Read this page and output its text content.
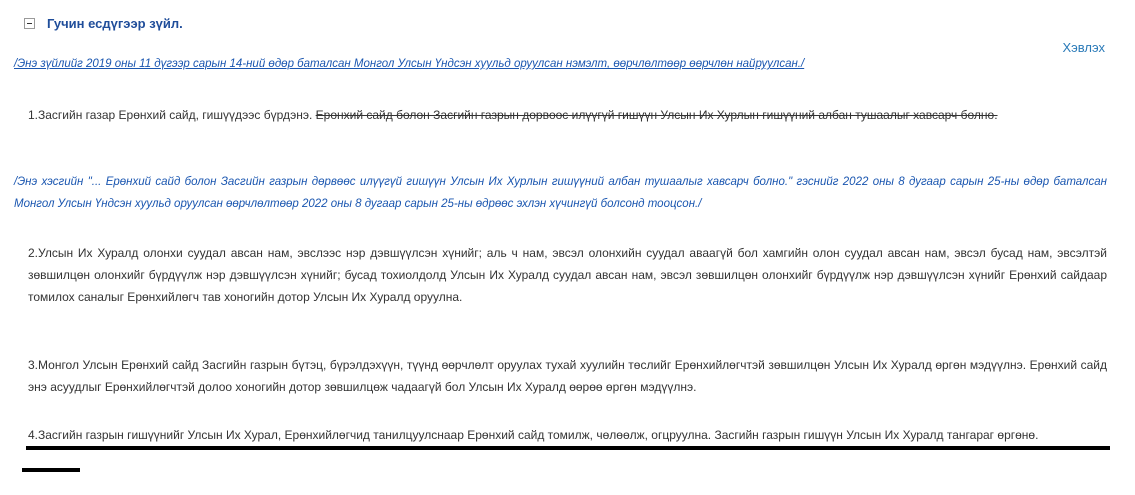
Гучин есдүгээр зүйл.
Хэвлэх
/Энэ зүйлийг 2019 оны 11 дүгээр сарын 14-ний өдөр баталсан Монгол Улсын Үндсэн хуульд оруулсан нэмэлт, өөрчлөлтөөр өөрчлөн найруулсан./
1.Засгийн газар Ерөнхий сайд, гишүүдээс бүрдэнэ. Ерөнхий сайд болон Засгийн газрын дөрвөөс илүүгүй гишүүн Улсын Их Хурлын гишүүний албан тушаалыг хавсарч болно.
/Энэ хэсгийн "... Ерөнхий сайд болон Засгийн газрын дөрвөөс илүүгүй гишүүн Улсын Их Хурлын гишүүний албан тушаалыг хавсарч болно." гэснийг 2022 оны 8 дугаар сарын 25-ны өдөр баталсан Монгол Улсын Үндсэн хуульд оруулсан өөрчлөлтөөр 2022 оны 8 дугаар сарын 25-ны өдрөөс эхлэн хүчингүй болсонд тооцсон./
2.Улсын Их Хуралд олонхи суудал авсан нам, эвслээс нэр дэвшүүлсэн хүнийг; аль ч нам, эвсэл олонхийн суудал аваагүй бол хамгийн олон суудал авсан нам, эвсэл бусад нам, эвсэлтэй зөвшилцөн олонхийг бүрдүүлж нэр дэвшүүлсэн хүнийг; бусад тохиолдолд Улсын Их Хуралд суудал авсан нам, эвсэл зөвшилцөн олонхийг бүрдүүлж нэр дэвшүүлсэн хүнийг Ерөнхий сайдаар томилох саналыг Ерөнхийлөгч тав хоногийн дотор Улсын Их Хуралд оруулна.
3.Монгол Улсын Ерөнхий сайд Засгийн газрын бүтэц, бүрэлдэхүүн, түүнд өөрчлөлт оруулах тухай хуулийн төслийг Ерөнхийлөгчтэй зөвшилцөн Улсын Их Хуралд өргөн мэдүүлнэ. Ерөнхий сайд энэ асуудлыг Ерөнхийлөгчтэй долоо хоногийн дотор зөвшилцөж чадаагүй бол Улсын Их Хуралд өөрөө өргөн мэдүүлнэ.
4.Засгийн газрын гишүүнийг Улсын Их Хурал, Ерөнхийлөгчид танилцуулснаар Ерөнхий сайд томилж, чөлөөлж, огцруулна. Засгийн газрын гишүүн Улсын Их Хуралд тангараг өргөнө.
